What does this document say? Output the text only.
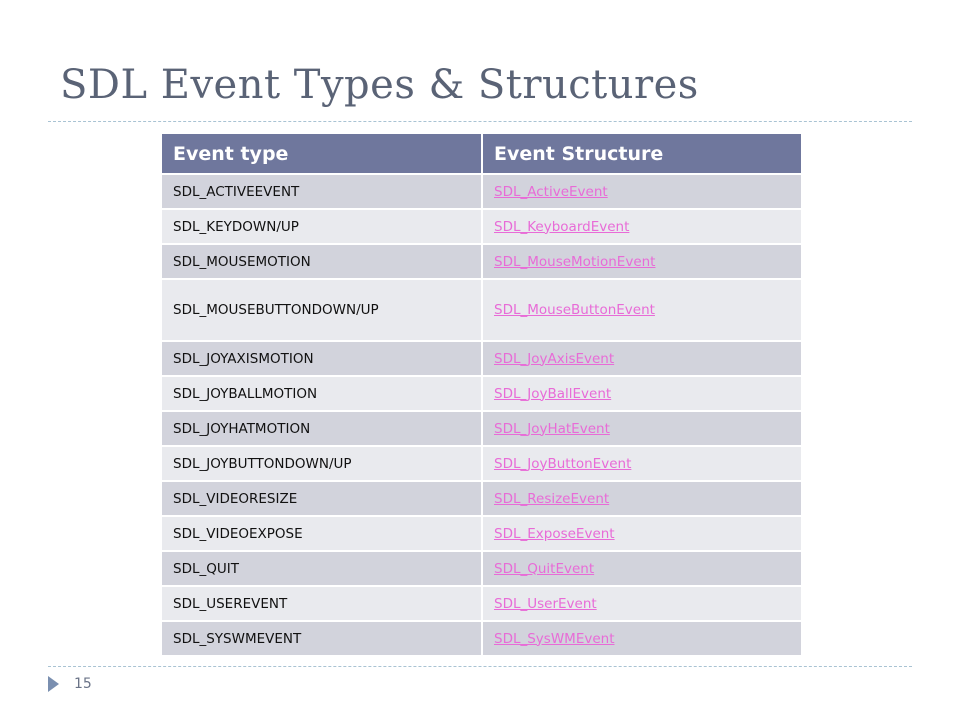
SDL Event Types & Structures
Event type	Event Structure
SDL_ACTIVEEVENT	SDL_ActiveEvent
SDL_KEYDOWN/UP	SDL_KeyboardEvent
SDL_MOUSEMOTION	SDL_MouseMotionEvent
SDL_MOUSEBUTTONDOWN/UP	SDL_MouseButtonEvent
SDL_JOYAXISMOTION	SDL_JoyAxisEvent
SDL_JOYBALLMOTION	SDL_JoyBallEvent
SDL_JOYHATMOTION	SDL_JoyHatEvent
SDL_JOYBUTTONDOWN/UP	SDL_JoyButtonEvent
SDL_VIDEORESIZE	SDL_ResizeEvent
SDL_VIDEOEXPOSE	SDL_ExposeEvent
SDL_QUIT	SDL_QuitEvent
SDL_USEREVENT	SDL_UserEvent
SDL_SYSWMEVENT	SDL_SysWMEvent
15
